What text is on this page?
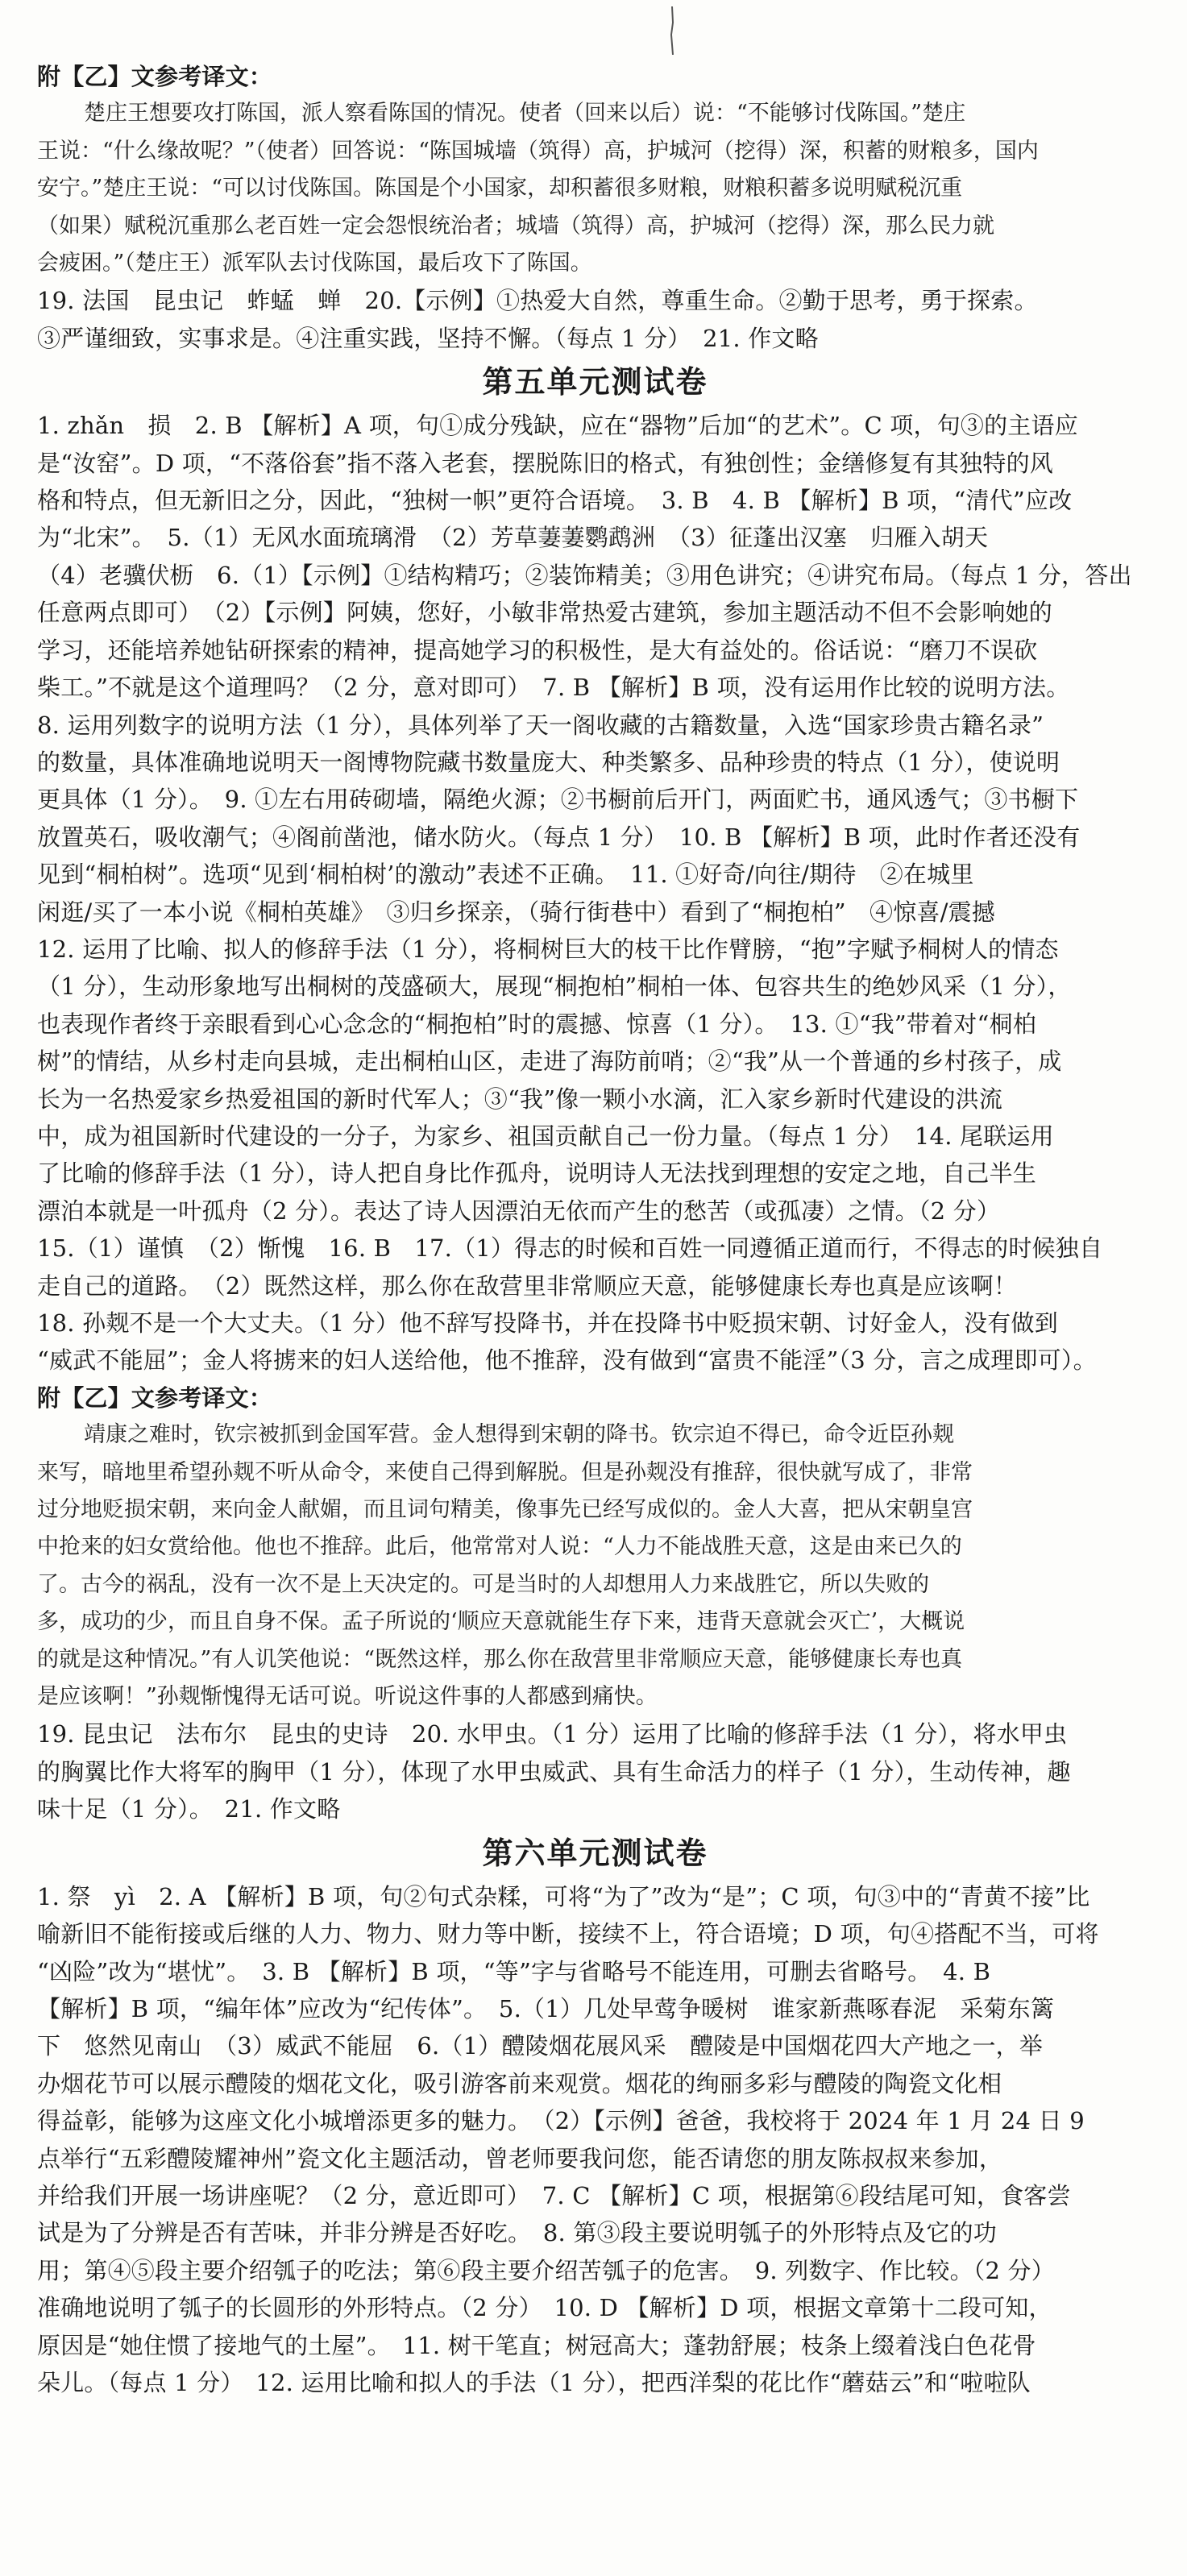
附【乙】文参考译文：
楚庄王想要攻打陈国，派人察看陈国的情况。使者（回来以后）说：“不能够讨伐陈国。”楚庄
王说：“什么缘故呢？”（使者）回答说：“陈国城墙（筑得）高，护城河（挖得）深，积蓄的财粮多，国内
安宁。”楚庄王说：“可以讨伐陈国。陈国是个小国家，却积蓄很多财粮，财粮积蓄多说明赋税沉重
（如果）赋税沉重那么老百姓一定会怨恨统治者；城墙（筑得）高，护城河（挖得）深，那么民力就
会疲困。”（楚庄王）派军队去讨伐陈国，最后攻下了陈国。
19. 法国　昆虫记　蚱蜢　蝉　20.【示例】①热爱大自然，尊重生命。②勤于思考，勇于探索。
③严谨细致，实事求是。④注重实践，坚持不懈。（每点 1 分）　21. 作文略
第五单元测试卷
1. zhǎn　损　2. B 【解析】A 项，句①成分残缺，应在“器物”后加“的艺术”。C 项，句③的主语应
是“汝窑”。D 项，“不落俗套”指不落入老套，摆脱陈旧的格式，有独创性；金缮修复有其独特的风
格和特点，但无新旧之分，因此，“独树一帜”更符合语境。　3. B　4. B 【解析】B 项，“清代”应改
为“北宋”。　5.（1）无风水面琉璃滑　（2）芳草萋萋鹦鹉洲　（3）征蓬出汉塞　归雁入胡天
（4）老骥伏枥　6.（1）【示例】①结构精巧；②装饰精美；③用色讲究；④讲究布局。（每点 1 分，答出
任意两点即可）　（2）【示例】阿姨，您好，小敏非常热爱古建筑，参加主题活动不但不会影响她的
学习，还能培养她钻研探索的精神，提高她学习的积极性，是大有益处的。俗话说：“磨刀不误砍
柴工。”不就是这个道理吗？（2 分，意对即可）　7. B 【解析】B 项，没有运用作比较的说明方法。
8. 运用列数字的说明方法（1 分），具体列举了天一阁收藏的古籍数量，入选“国家珍贵古籍名录”
的数量，具体准确地说明天一阁博物院藏书数量庞大、种类繁多、品种珍贵的特点（1 分），使说明
更具体（1 分）。　9. ①左右用砖砌墙，隔绝火源；②书橱前后开门，两面贮书，通风透气；③书橱下
放置英石，吸收潮气；④阁前凿池，储水防火。（每点 1 分）　10. B 【解析】B 项，此时作者还没有
见到“桐柏树”。选项“见到‘桐柏树’的激动”表述不正确。　11. ①好奇/向往/期待　②在城里
闲逛/买了一本小说《桐柏英雄》　③归乡探亲，（骑行街巷中）看到了“桐抱柏”　④惊喜/震撼
12. 运用了比喻、拟人的修辞手法（1 分），将桐树巨大的枝干比作臂膀，“抱”字赋予桐树人的情态
（1 分），生动形象地写出桐树的茂盛硕大，展现“桐抱柏”桐柏一体、包容共生的绝妙风采（1 分），
也表现作者终于亲眼看到心心念念的“桐抱柏”时的震撼、惊喜（1 分）。　13. ①“我”带着对“桐柏
树”的情结，从乡村走向县城，走出桐柏山区，走进了海防前哨；②“我”从一个普通的乡村孩子，成
长为一名热爱家乡热爱祖国的新时代军人；③“我”像一颗小水滴，汇入家乡新时代建设的洪流
中，成为祖国新时代建设的一分子，为家乡、祖国贡献自己一份力量。（每点 1 分）　14. 尾联运用
了比喻的修辞手法（1 分），诗人把自身比作孤舟，说明诗人无法找到理想的安定之地，自己半生
漂泊本就是一叶孤舟（2 分）。表达了诗人因漂泊无依而产生的愁苦（或孤凄）之情。（2 分）
15.（1）谨慎　（2）惭愧　16. B　17.（1）得志的时候和百姓一同遵循正道而行，不得志的时候独自
走自己的道路。　（2）既然这样，那么你在敌营里非常顺应天意，能够健康长寿也真是应该啊！
18. 孙觌不是一个大丈夫。（1 分）他不辞写投降书，并在投降书中贬损宋朝、讨好金人，没有做到
“威武不能屈”；金人将掳来的妇人送给他，他不推辞，没有做到“富贵不能淫”（3 分，言之成理即可）。
附【乙】文参考译文：
靖康之难时，钦宗被抓到金国军营。金人想得到宋朝的降书。钦宗迫不得已，命令近臣孙觌
来写，暗地里希望孙觌不听从命令，来使自己得到解脱。但是孙觌没有推辞，很快就写成了，非常
过分地贬损宋朝，来向金人献媚，而且词句精美，像事先已经写成似的。金人大喜，把从宋朝皇宫
中抢来的妇女赏给他。他也不推辞。此后，他常常对人说：“人力不能战胜天意，这是由来已久的
了。古今的祸乱，没有一次不是上天决定的。可是当时的人却想用人力来战胜它，所以失败的
多，成功的少，而且自身不保。孟子所说的‘顺应天意就能生存下来，违背天意就会灭亡’，大概说
的就是这种情况。”有人讥笑他说：“既然这样，那么你在敌营里非常顺应天意，能够健康长寿也真
是应该啊！”孙觌惭愧得无话可说。听说这件事的人都感到痛快。
19. 昆虫记　法布尔　昆虫的史诗　20. 水甲虫。（1 分）运用了比喻的修辞手法（1 分），将水甲虫
的胸翼比作大将军的胸甲（1 分），体现了水甲虫威武、具有生命活力的样子（1 分），生动传神，趣
味十足（1 分）。　21. 作文略
第六单元测试卷
1. 祭　yì　2. A 【解析】B 项，句②句式杂糅，可将“为了”改为“是”；C 项，句③中的“青黄不接”比
喻新旧不能衔接或后继的人力、物力、财力等中断，接续不上，符合语境；D 项，句④搭配不当，可将
“凶险”改为“堪忧”。　3. B 【解析】B 项，“等”字与省略号不能连用，可删去省略号。　4. B
【解析】B 项，“编年体”应改为“纪传体”。　5.（1）几处早莺争暖树　谁家新燕啄春泥　采菊东篱
下　悠然见南山　（3）威武不能屈　6.（1）醴陵烟花展风采　醴陵是中国烟花四大产地之一，举
办烟花节可以展示醴陵的烟花文化，吸引游客前来观赏。烟花的绚丽多彩与醴陵的陶瓷文化相
得益彰，能够为这座文化小城增添更多的魅力。　（2）【示例】爸爸，我校将于 2024 年 1 月 24 日 9
点举行“五彩醴陵耀神州”瓷文化主题活动，曾老师要我问您，能否请您的朋友陈叔叔来参加，
并给我们开展一场讲座呢？（2 分，意近即可）　7. C 【解析】C 项，根据第⑥段结尾可知，食客尝
试是为了分辨是否有苦味，并非分辨是否好吃。　8. 第③段主要说明瓠子的外形特点及它的功
用；第④⑤段主要介绍瓠子的吃法；第⑥段主要介绍苦瓠子的危害。　9. 列数字、作比较。（2 分）
准确地说明了瓠子的长圆形的外形特点。（2 分）　10. D 【解析】D 项，根据文章第十二段可知，
原因是“她住惯了接地气的土屋”。　11. 树干笔直；树冠高大；蓬勃舒展；枝条上缀着浅白色花骨
朵儿。（每点 1 分）　12. 运用比喻和拟人的手法（1 分），把西洋梨的花比作“蘑菇云”和“啦啦队
